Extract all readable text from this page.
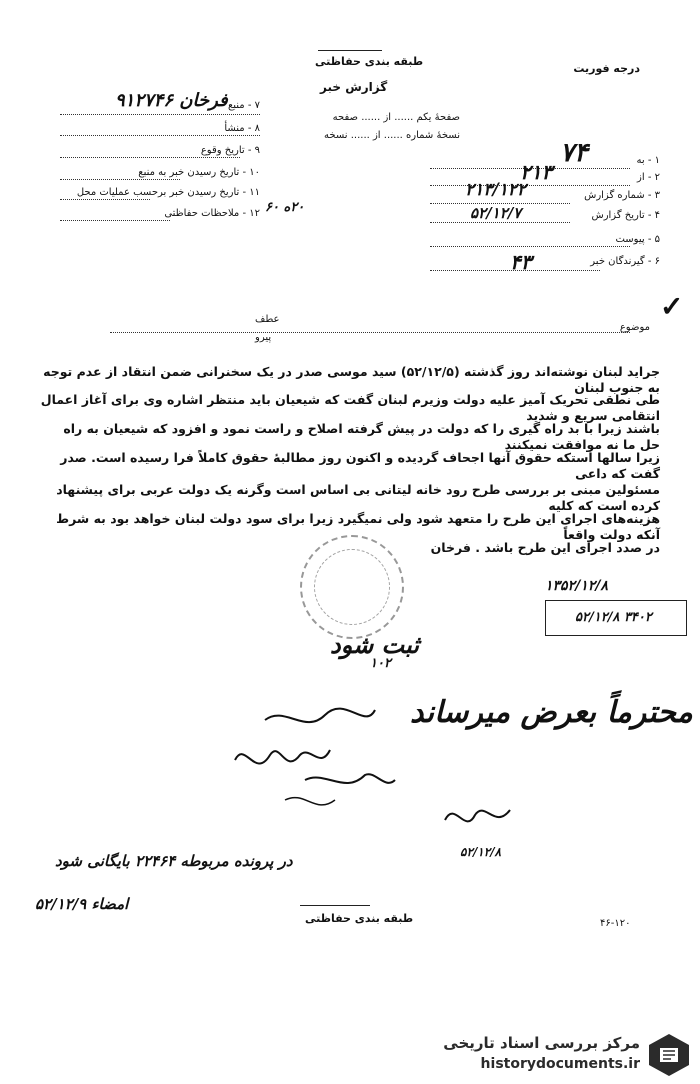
درجه فوریت
طبقه بندی حفاظتی
گزارش خبر
صفحهٔ یکم ...... از ...... صفحه
نسخهٔ شماره ...... از ...... نسخه
۱ - به
۷۴
۲ - از
۲۱۳
۳ - شماره گزارش
۲۱۳/۱۲۲
۴ - تاریخ گزارش
۵۲/۱۲/۷
۵ - پیوست
۶ - گیرندگان خبر
۴۳
۷ - منبع
فرخان ۹۱۲۷۴۶
۸ - منشأ
۹ - تاریخ وقوع
۱۰ - تاریخ رسیدن خبر به منبع
۱۱ - تاریخ رسیدن خبر برحسب عملیات محل
۱۲ - ملاحظات حفاظتی ۲۰ه ۶۰
✓
موضوع
عطف
پیرو
جراید لبنان نوشته‌اند روز گذشته (۵۲/۱۲/۵) سید موسی صدر در یک سخنرانی ضمن انتقاد از عدم توجه به جنوب لبنان
طی نطقی تحریک آمیز علیه دولت وزیرم لبنان گفت که شیعیان باید منتظر اشاره وی برای آغاز اعمال انتقامی سریع و شدید
باشند زیرا با بد راه گیری را که دولت در پیش گرفته اصلاح و راست نمود و افزود که شیعیان به راه حل ما نه موافقت نمیکنند
زیرا سالها استکه حقوق آنها اجحاف گردیده و اکنون روز مطالبهٔ حقوق کاملاً فرا رسیده است. صدر گفت که داعی
مسئولین مبنی بر بررسی طرح رود خانه لیتانی بی اساس است وگرنه یک دولت عربی برای پیشنهاد کرده است که کلیه
هزینه‌های اجرای این طرح را متعهد شود ولی نمیگیرد زیرا برای سود دولت لبنان خواهد بود به شرط آنکه دولت واقعاً
در صدد اجرای این طرح باشد . فرخان
۱۳۵۲/۱۲/۸
۳۴۰۲ ۵۲/۱۲/۸
ثبت شود
۱۰۲
محترماً بعرض میرساند
۵۲/۱۲/۸
در پرونده مربوطه ۲۲۴۶۴ بایگانی شود
امضاء ۵۲/۱۲/۹
طبقه بندی حفاظتی	۴۶-۱۲۰
مرکز بررسی اسناد تاریخی
historydocuments.ir
